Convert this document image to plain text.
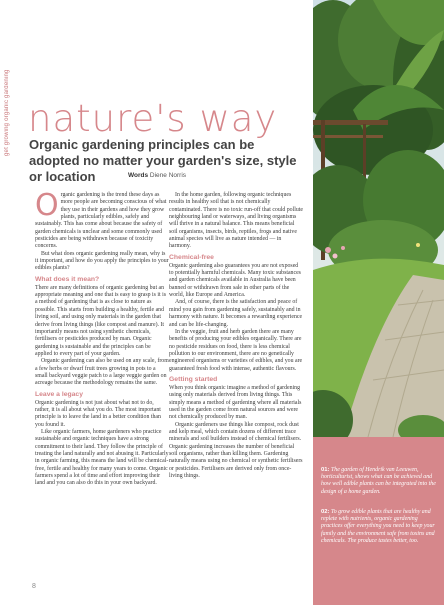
get growing organic gardening nature's way
Organic gardening principles can be adopted no matter your garden's size, style or location	Words Diene Norris

Organic gardening is the trend these days as more people are becoming conscious of what they use in their gardens and how they grow plants, particularly edibles, safely and sustainably. This has come about because the safety of garden chemicals is unclear and some commonly used pesticides are being withdrawn because of toxicity concerns.

But what does organic gardening really mean, why is it important, and how do you apply the principles to your edibles plants?

What does it mean?

There are many definitions of organic gardening but an appropriate meaning and one that is easy to grasp is it is a method of gardening that is as close to nature as possible. This starts from building a healthy, fertile and living soil, and using only materials in the garden that derive from living things (like compost and manure). It importantly means not using synthetic chemicals, fertilisers or pesticides produced by man. Organic gardening is sustainable and the principles can be applied to every part of your garden.

Organic gardening can also be used on any scale, from a few herbs or dwarf fruit trees growing in pots to a small backyard veggie patch to a large veggie garden on acreage because the methodology remains the same.

Leave a legacy

Organic gardening is not just about what not to do, rather, it is all about what you do. The most important principle is to leave the land in a better condition than you found it.

Like organic farmers, home gardeners who practice sustainable and organic techniques have a strong commitment to their land. They follow the principle of treating the land naturally and not abusing it. Particularly in organic farming, this means the land will be chemical-free, fertile and healthy for many years to come. Organic farmers spend a lot of time and effort improving their land and you can also do this in your own backyard.

In the home garden, following organic techniques results in healthy soil that is not chemically contaminated. There is no toxic run-off that could pollute neighbouring land or waterways, and living organisms will thrive in a natural balance. This means beneficial soil organisms, insects, birds, reptiles, frogs and native animal species will live as nature intended — in harmony.

Chemical-free

Organic gardening also guarantees you are not exposed to potentially harmful chemicals. Many toxic substances and garden chemicals available in Australia have been banned or withdrawn from sale in other parts of the world, like Europe and America.

And, of course, there is the satisfaction and peace of mind you gain from gardening safely, sustainably and in harmony with nature. It becomes a rewarding experience and can be life-changing.

In the veggie, fruit and herb garden there are many benefits of producing your edibles organically. There are no pesticide residues on food, there is less chemical pollution to our environment, there are no genetically engineered organisms or varieties of edibles, and you are guaranteed fresh food with intense, authentic flavours.

Getting started

When you think organic imagine a method of gardening using only materials derived from living things. This simply means a method of gardening where all materials used in the garden come from natural sources and were not chemically produced by man.

Organic gardeners use things like compost, rock dust and kelp meal, which contain dozens of different trace minerals and soil builders instead of chemical fertilisers. Organic gardening increases the number of beneficial soil organisms, rather than killing them. Gardening naturally means using no chemical or synthetic fertilisers or pesticides. Fertilisers are derived only from once-living things.

8
01: The garden of Hendrik van Leeuwen, horticulturist, shows what can be achieved and how well edible plants can be integrated into the design of a home garden.
02: To grow edible plants that are healthy and replete with nutrients, organic gardening practices offer everything you need to keep your family and the environment safe from toxins and chemicals. The produce tastes better, too.
